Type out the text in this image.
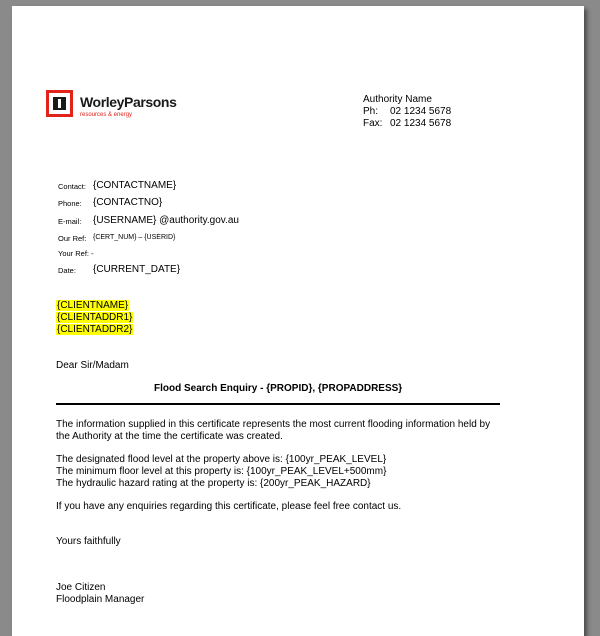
WorleyParsons
resources & energy
Authority Name
Ph: 02 1234 5678
Fax: 02 1234 5678
Contact: {CONTACTNAME}
Phone: {CONTACTNO}
E-mail: {USERNAME} @authority.gov.au
Our Ref: {CERT_NUM} – {USERID}
Your Ref: -
Date: {CURRENT_DATE}
{CLIENTNAME}
{CLIENTADDR1}
{CLIENTADDR2}
Dear Sir/Madam
Flood Search Enquiry - {PROPID}, {PROPADDRESS}
The information supplied in this certificate represents the most current flooding information held by
the Authority at the time the certificate was created.
The designated flood level at the property above is: {100yr_PEAK_LEVEL}
The minimum floor level at this property is: {100yr_PEAK_LEVEL+500mm}
The hydraulic hazard rating at the property is: {200yr_PEAK_HAZARD}
If you have any enquiries regarding this certificate, please feel free contact us.
Yours faithfully
Joe Citizen
Floodplain Manager
